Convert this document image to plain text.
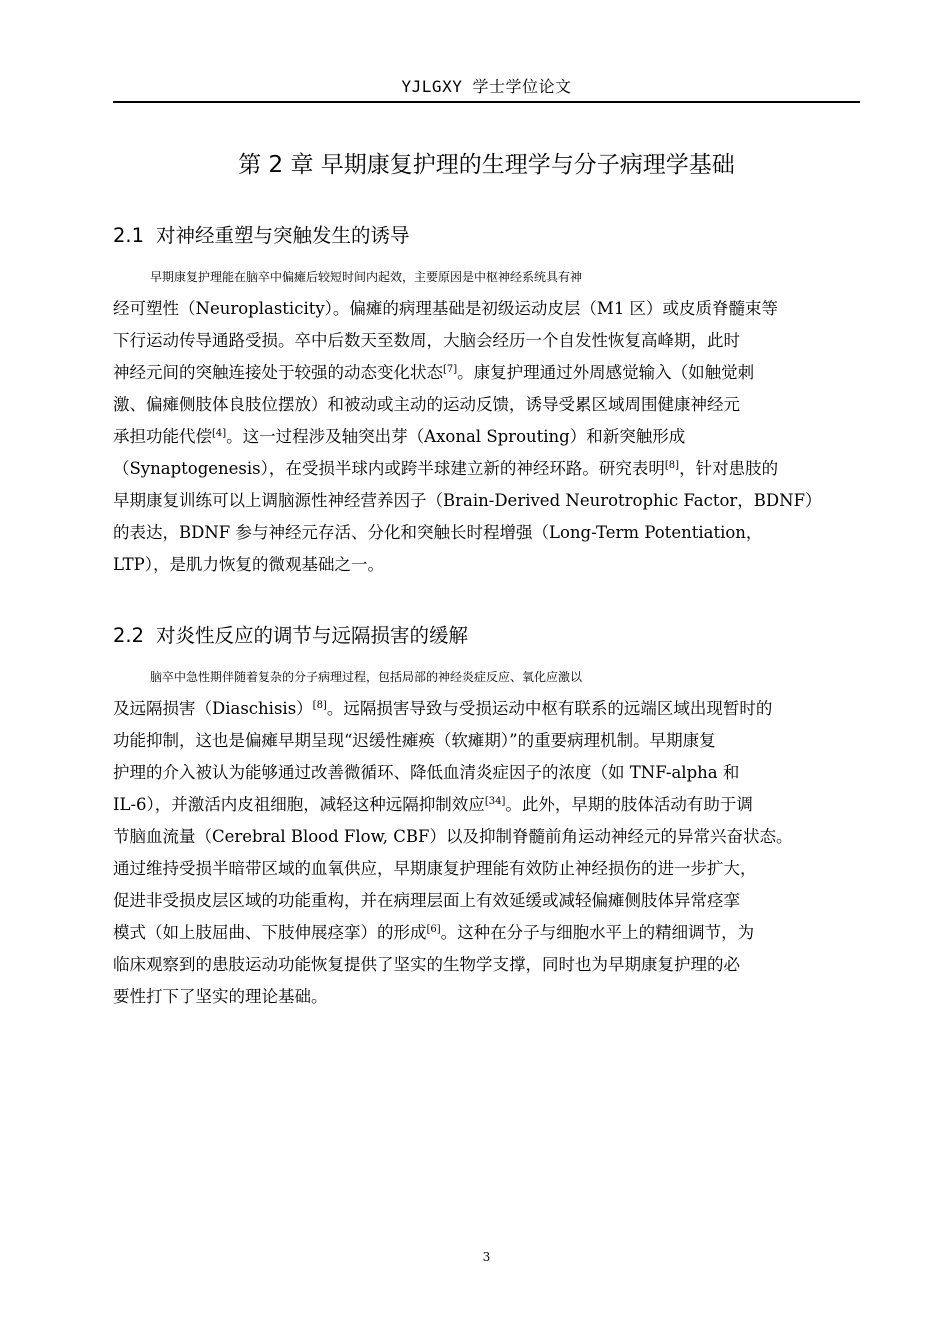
YJLGXY 学士学位论文
第 2 章 早期康复护理的生理学与分子病理学基础
2.1 对神经重塑与突触发生的诱导
早期康复护理能在脑卒中偏瘫后较短时间内起效，主要原因是中枢神经系统具有神
经可塑性（Neuroplasticity）。偏瘫的病理基础是初级运动皮层（M1 区）或皮质脊髓束等
下行运动传导通路受损。卒中后数天至数周，大脑会经历一个自发性恢复高峰期，此时
神经元间的突触连接处于较强的动态变化状态[7]。康复护理通过外周感觉输入（如触觉刺
激、偏瘫侧肢体良肢位摆放）和被动或主动的运动反馈，诱导受累区域周围健康神经元
承担功能代偿[4]。这一过程涉及轴突出芽（Axonal Sprouting）和新突触形成
（Synaptogenesis），在受损半球内或跨半球建立新的神经环路。研究表明[8]，针对患肢的
早期康复训练可以上调脑源性神经营养因子（Brain-Derived Neurotrophic Factor，BDNF）
的表达，BDNF 参与神经元存活、分化和突触长时程增强（Long-Term Potentiation，
LTP），是肌力恢复的微观基础之一。
2.2 对炎性反应的调节与远隔损害的缓解
脑卒中急性期伴随着复杂的分子病理过程，包括局部的神经炎症反应、氧化应激以
及远隔损害（Diaschisis）[8]。远隔损害导致与受损运动中枢有联系的远端区域出现暂时的
功能抑制，这也是偏瘫早期呈现“迟缓性瘫痪（软瘫期）”的重要病理机制。早期康复
护理的介入被认为能够通过改善微循环、降低血清炎症因子的浓度（如 TNF-alpha 和
IL-6），并激活内皮祖细胞，减轻这种远隔抑制效应[34]。此外，早期的肢体活动有助于调
节脑血流量（Cerebral Blood Flow, CBF）以及抑制脊髓前角运动神经元的异常兴奋状态。
通过维持受损半暗带区域的血氧供应，早期康复护理能有效防止神经损伤的进一步扩大，
促进非受损皮层区域的功能重构，并在病理层面上有效延缓或减轻偏瘫侧肢体异常痉挛
模式（如上肢屈曲、下肢伸展痉挛）的形成[6]。这种在分子与细胞水平上的精细调节，为
临床观察到的患肢运动功能恢复提供了坚实的生物学支撑，同时也为早期康复护理的必
要性打下了坚实的理论基础。
3
